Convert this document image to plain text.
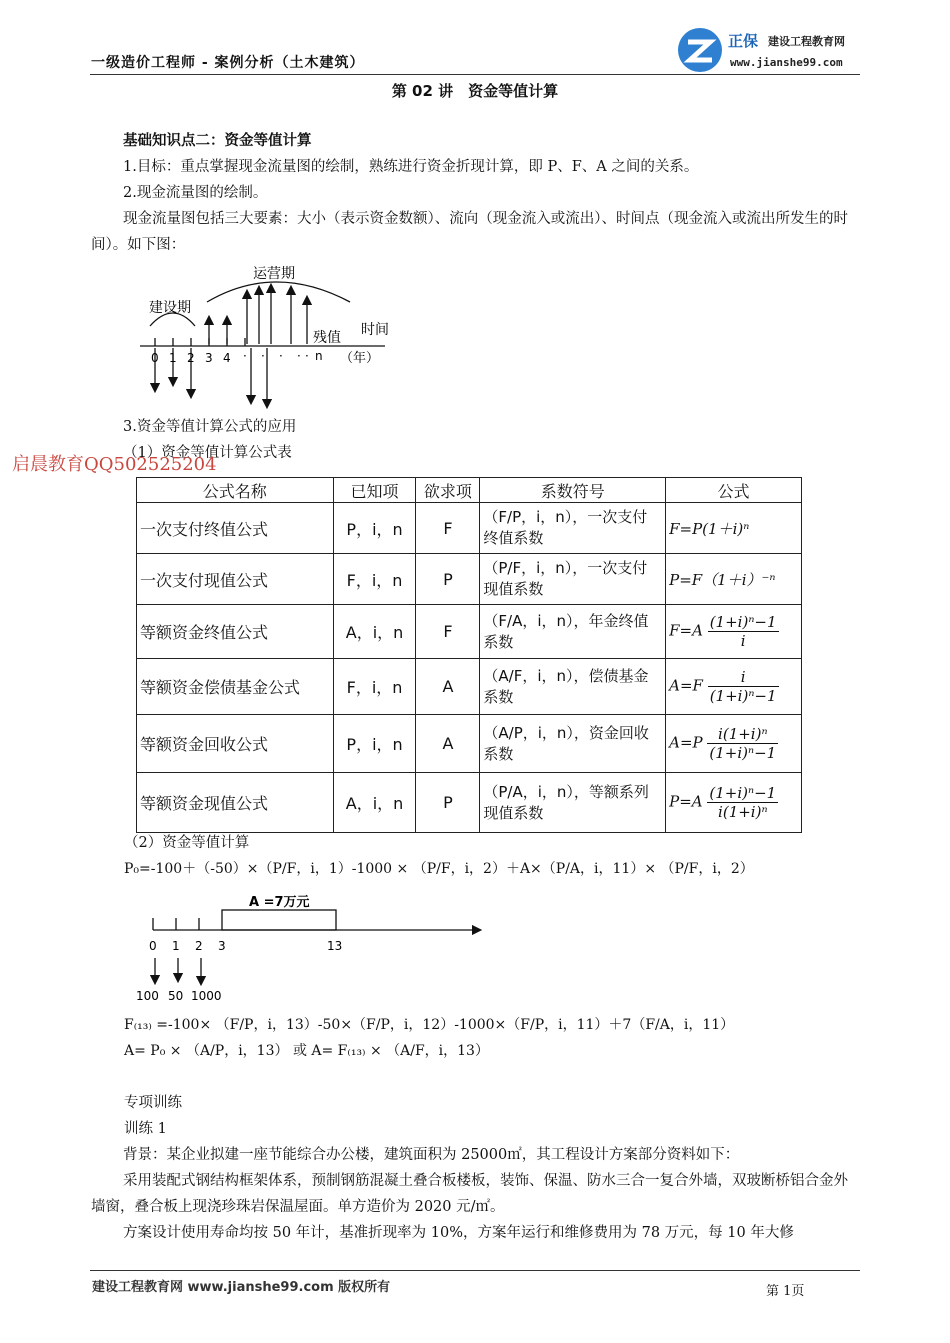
一级造价工程师 - 案例分析（土木建筑）
正保 建设工程教育网
www.jianshe99.com
第 02 讲　资金等值计算
基础知识点二：资金等值计算
1.目标：重点掌握现金流量图的绘制，熟练进行资金折现计算，即 P、F、A 之间的关系。
2.现金流量图的绘制。
现金流量图包括三大要素：大小（表示资金数额）、流向（现金流入或流出）、时间点（现金流入或流出所发生的时间）。如下图：
建设期
运营期
残值 时间
（年）
0 1 2 3 4 · · · · · n
3.资金等值计算公式的应用
（1）资金等值计算公式表
启晨教育QQ502525204
公式名称	已知项	欲求项	系数符号	公式
一次支付终值公式	P，i，n	F	（F/P，i，n），一次支付终值系数	F=P(1＋i)ⁿ
一次支付现值公式	F，i，n	P	（P/F，i，n），一次支付现值系数	P=F（1＋i）⁻ⁿ
等额资金终值公式	A，i，n	F	（F/A，i，n），年金终值系数	$F=A \frac{\text{(1+i)ⁿ−1}}{i}$

等额资金偿债基金公式	F，i，n	A	（A/F，i，n），偿债基金系数	$A=F \frac{i}{\text{(1+i)ⁿ−1}}$

等额资金回收公式	P，i，n	A	（A/P，i，n），资金回收系数	$A=P \frac{\text{i(1+i)ⁿ}}{\text{(1+i)ⁿ−1}}$

等额资金现值公式	A，i，n	P	（P/A，i，n），等额系列现值系数	$P=A \frac{\text{(1+i)ⁿ−1}}{\text{i(1+i)ⁿ}}$
（2）资金等值计算
P₀=-100＋（-50）×（P/F，i，1）-1000 × （P/F，i，2）＋A×（P/A，i，11）× （P/F，i，2）
A =7万元
0 1 2 3	13
100 50 1000
F₍₁₃₎ =-100× （F/P，i，13）-50×（F/P，i，12）-1000×（F/P，i，11）＋7（F/A，i，11）
A= P₀ × （A/P，i，13） 或 A= F₍₁₃₎ × （A/F，i，13）
专项训练
训练 1
背景：某企业拟建一座节能综合办公楼，建筑面积为 25000㎡，其工程设计方案部分资料如下：
采用装配式钢结构框架体系，预制钢筋混凝土叠合板楼板，装饰、保温、防水三合一复合外墙，双玻断桥铝合金外墙窗，叠合板上现浇珍珠岩保温屋面。单方造价为 2020 元/㎡。
方案设计使用寿命均按 50 年计，基准折现率为 10%，方案年运行和维修费用为 78 万元，每 10 年大修
建设工程教育网 www.jianshe99.com 版权所有	第 1页
